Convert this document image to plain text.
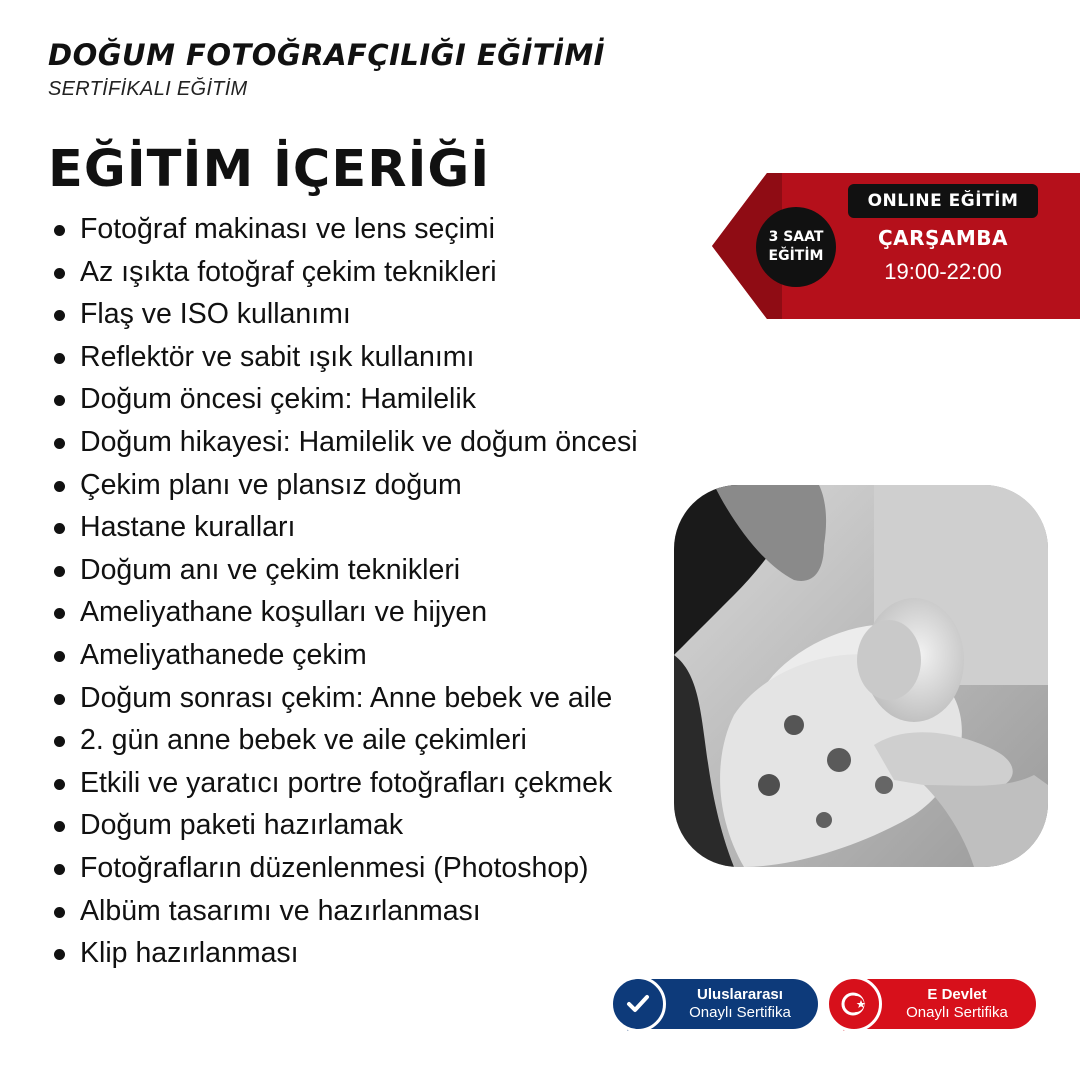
DOĞUM FOTOĞRAFÇILIĞI EĞİTİMİ
SERTİFİKALI EĞİTİM
EĞİTİM İÇERİĞİ
Fotoğraf makinası ve lens seçimi
Az ışıkta fotoğraf çekim teknikleri
Flaş ve ISO kullanımı
Reflektör ve sabit ışık kullanımı
Doğum öncesi çekim: Hamilelik
Doğum hikayesi: Hamilelik ve doğum öncesi
Çekim planı ve plansız doğum
Hastane kuralları
Doğum anı ve çekim teknikleri
Ameliyathane koşulları ve hijyen
Ameliyathanede çekim
Doğum sonrası çekim: Anne bebek ve aile
2. gün anne bebek ve aile çekimleri
Etkili ve yaratıcı portre fotoğrafları çekmek
Doğum paketi hazırlamak
Fotoğrafların düzenlenmesi (Photoshop)
Albüm tasarımı ve hazırlanması
Klip hazırlanması
3 SAAT
EĞİTİM
ONLINE EĞİTİM
ÇARŞAMBA
19:00-22:00
Uluslararası
Onaylı Sertifika
E Devlet
Onaylı Sertifika
